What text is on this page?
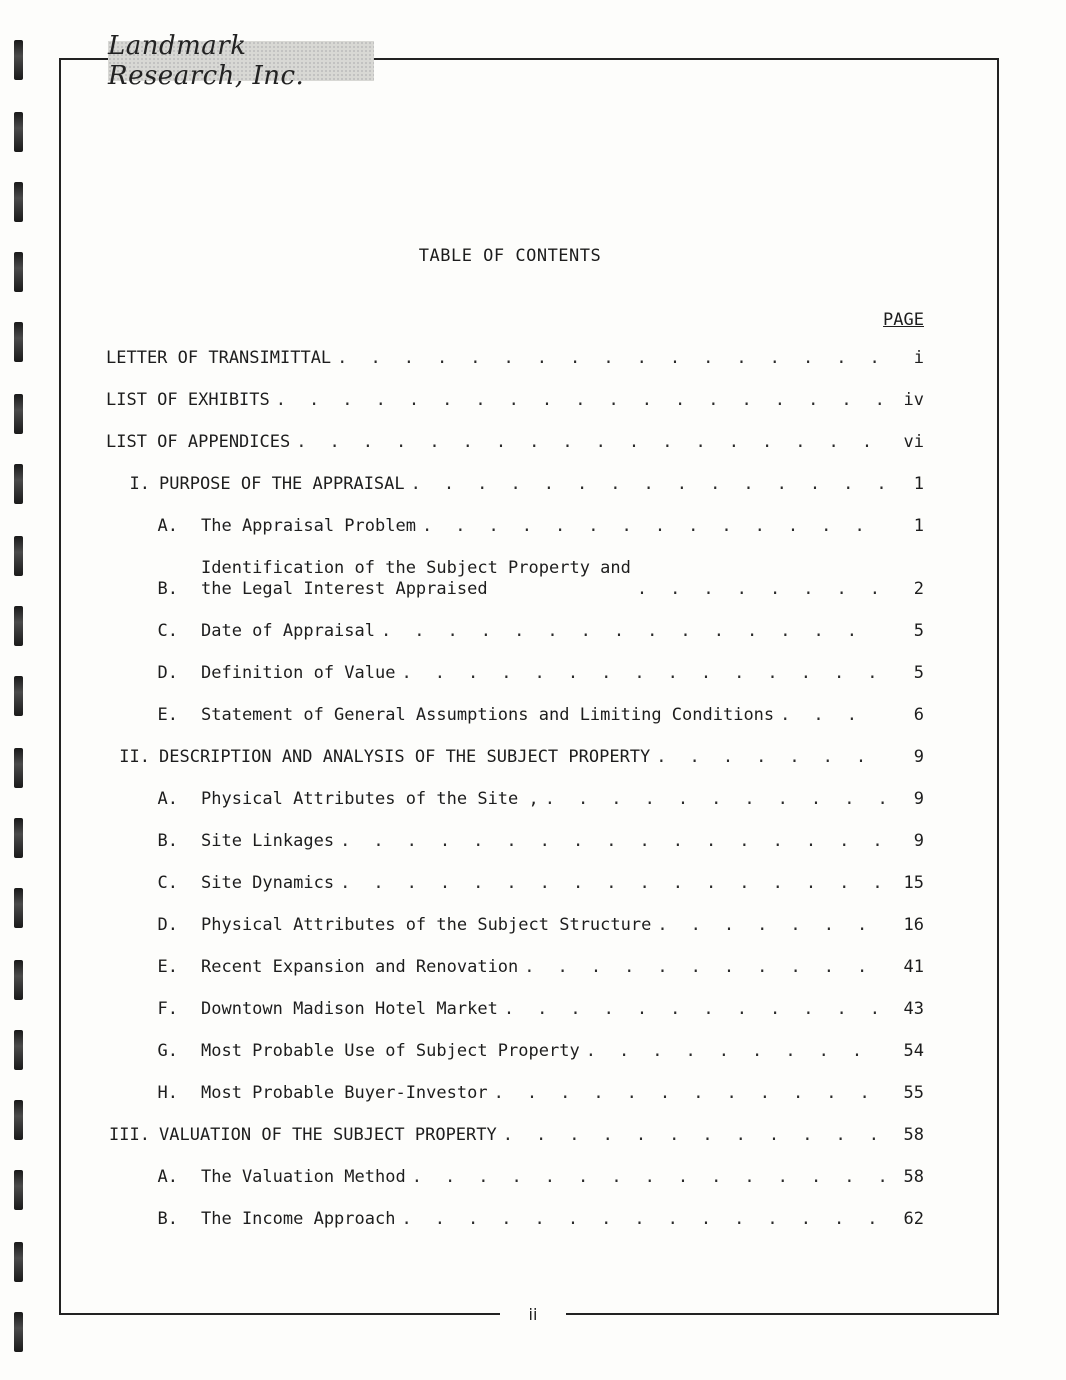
Landmark Research, Inc.
TABLE OF CONTENTS
PAGE
LETTER OF TRANSIMITTAL . . .	i
LIST OF EXHIBITS . . .	iv
LIST OF APPENDICES . . .	vi
I. PURPOSE OF THE APPRAISAL . . .	1
A. The Appraisal Problem . . .	1
B.
Identification of the Subject Property and
the Legal Interest Appraised . . .	2
C. Date of Appraisal . . .	5
D. Definition of Value . . .	5
E. Statement of General Assumptions and Limiting Conditions . . .	6
II. DESCRIPTION AND ANALYSIS OF THE SUBJECT PROPERTY . . .	9
A. Physical Attributes of the Site , . . .	9
B. Site Linkages . . .	9
C. Site Dynamics . . .	15
D. Physical Attributes of the Subject Structure . . .	16
E. Recent Expansion and Renovation . . .	41
F. Downtown Madison Hotel Market . . .	43
G. Most Probable Use of Subject Property . . .	54
H. Most Probable Buyer-Investor . . .	55
III. VALUATION OF THE SUBJECT PROPERTY . . .	58
A. The Valuation Method . . .	58
B. The Income Approach . . .	62
ii
